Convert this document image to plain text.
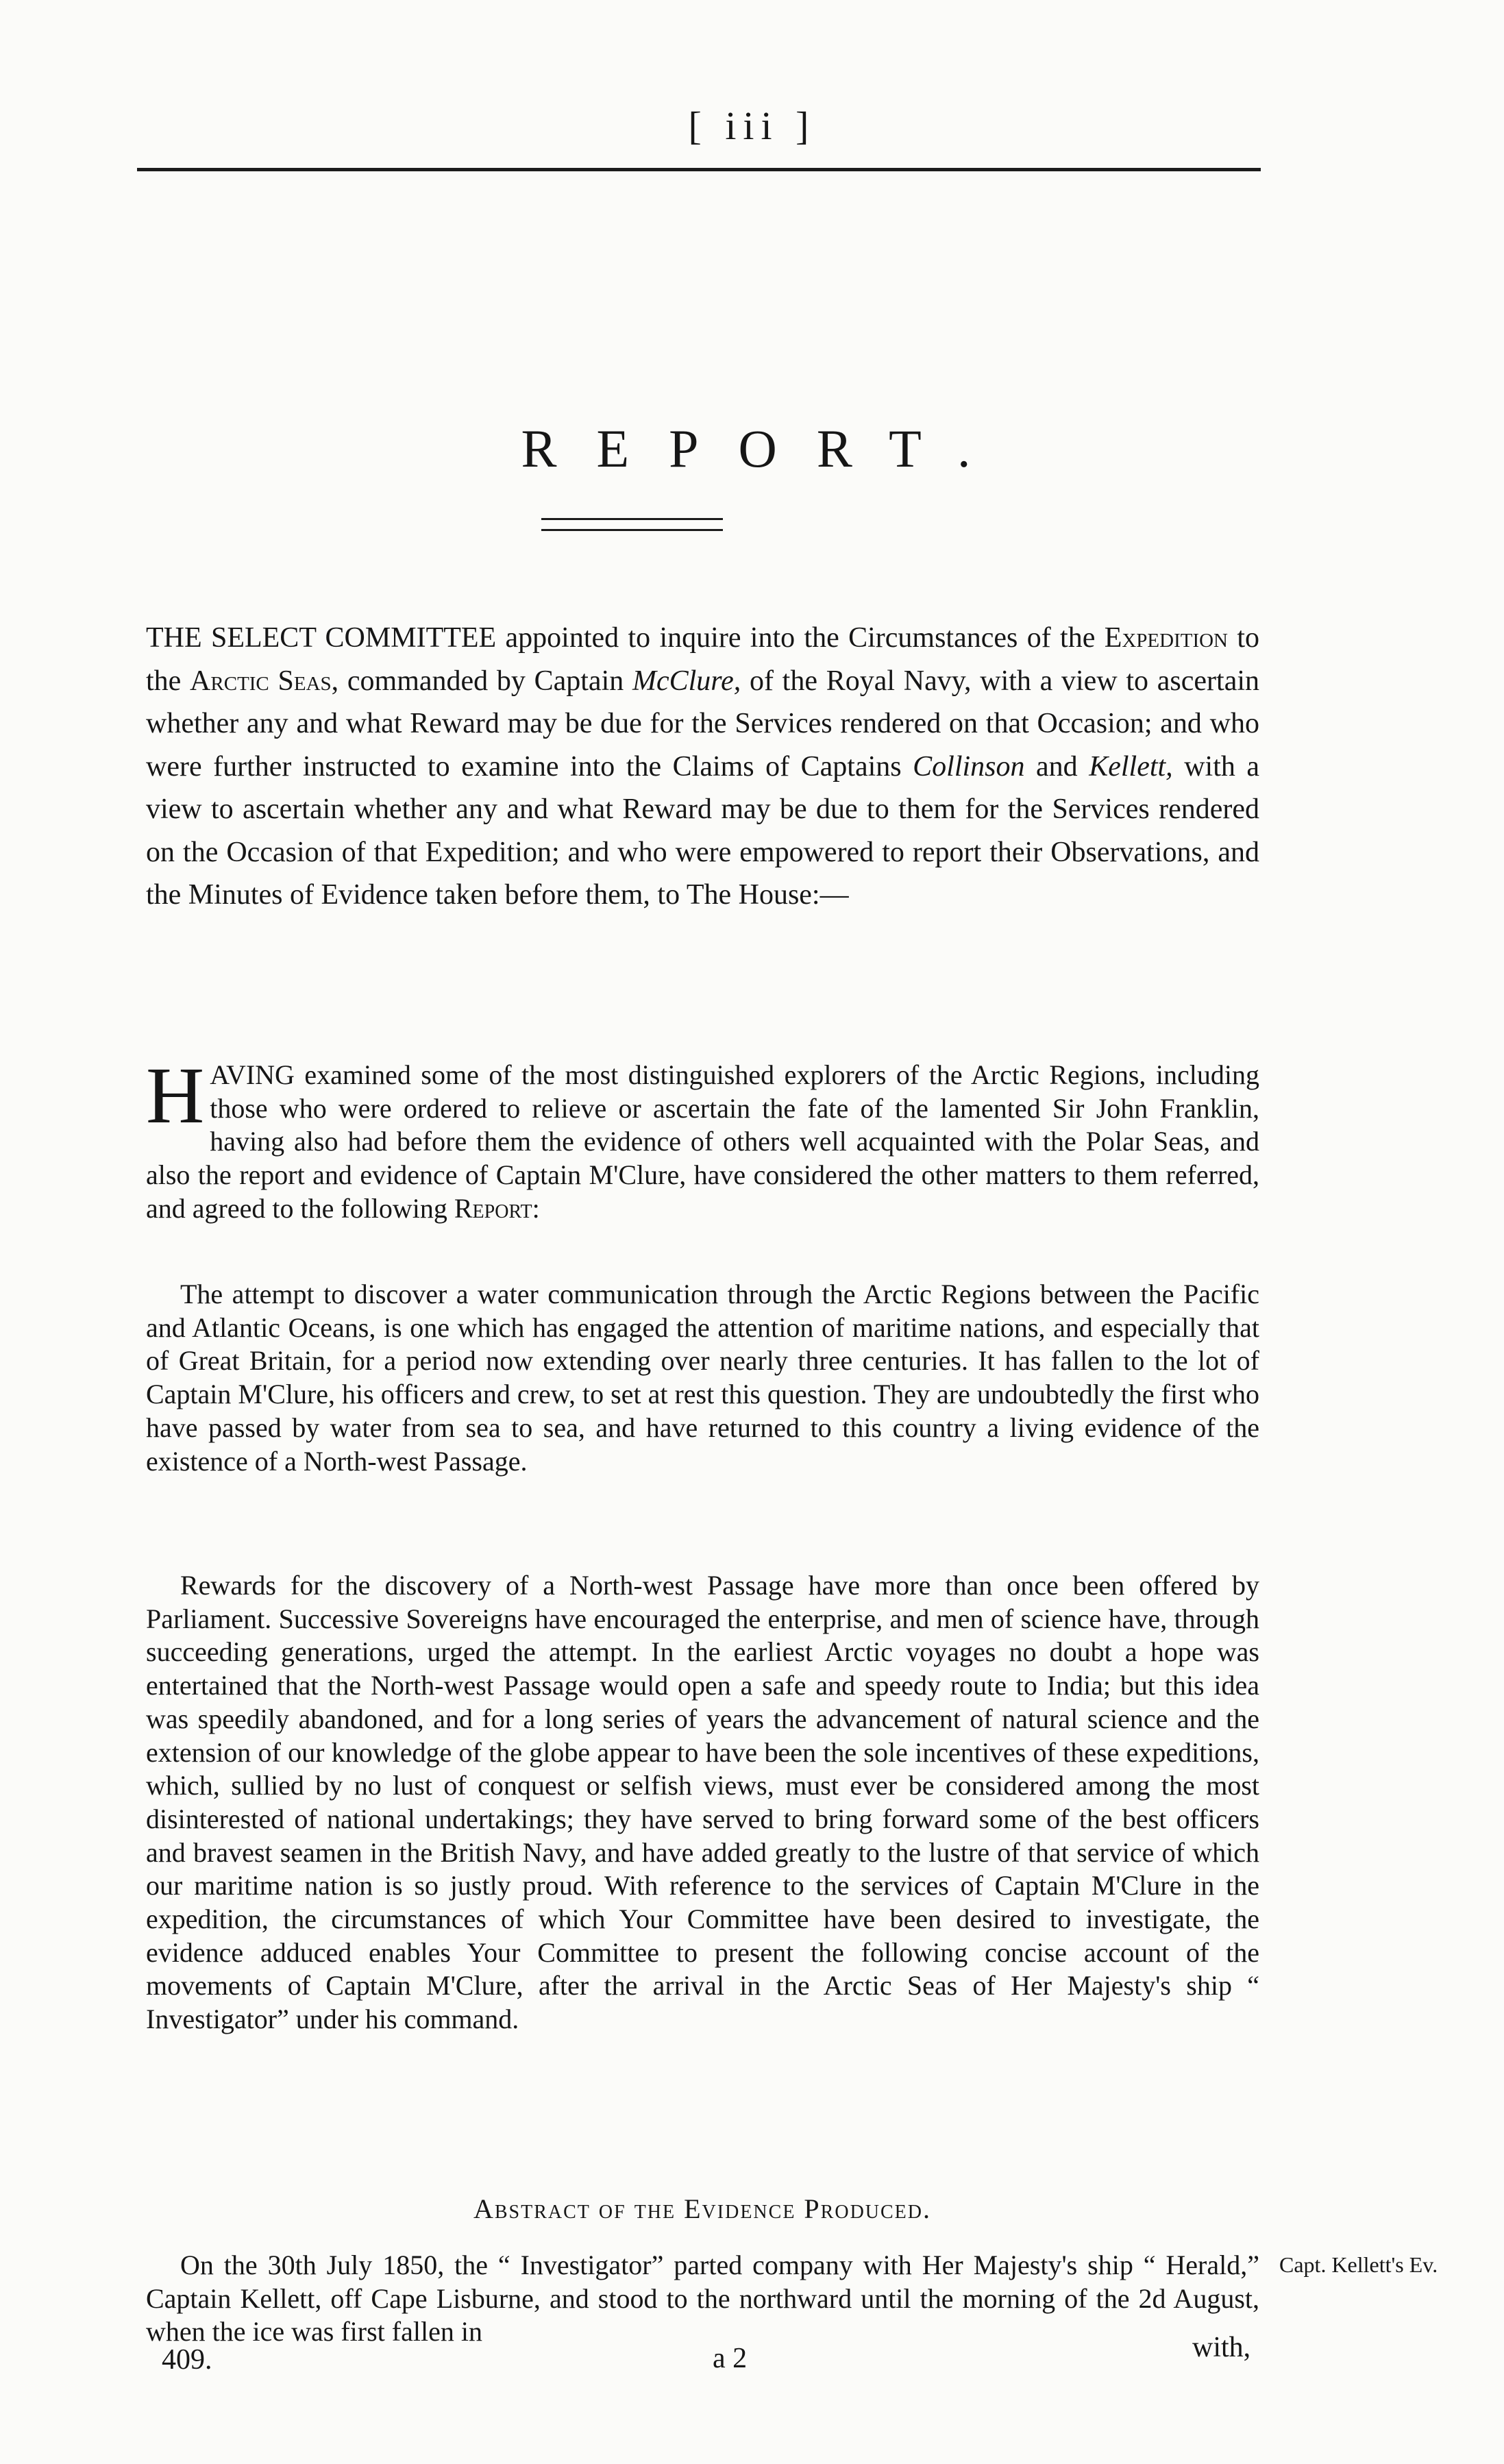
[ iii ]
REPORT.
THE SELECT COMMITTEE appointed to inquire into the Circumstances of the Expedition to the Arctic Seas, commanded by Captain McClure, of the Royal Navy, with a view to ascertain whether any and what Reward may be due for the Services rendered on that Occasion; and who were further instructed to examine into the Claims of Captains Collinson and Kellett, with a view to ascertain whether any and what Reward may be due to them for the Services rendered on the Occasion of that Expedition; and who were empowered to report their Observations, and the Minutes of Evidence taken before them, to The House:—

HAVING examined some of the most distinguished explorers of the Arctic Regions, including those who were ordered to relieve or ascertain the fate of the lamented Sir John Franklin, having also had before them the evidence of others well acquainted with the Polar Seas, and also the report and evidence of Captain M'Clure, have considered the other matters to them referred, and agreed to the following Report:

The attempt to discover a water communication through the Arctic Regions between the Pacific and Atlantic Oceans, is one which has engaged the attention of maritime nations, and especially that of Great Britain, for a period now extending over nearly three centuries. It has fallen to the lot of Captain M'Clure, his officers and crew, to set at rest this question. They are undoubtedly the first who have passed by water from sea to sea, and have returned to this country a living evidence of the existence of a North-west Passage.

Rewards for the discovery of a North-west Passage have more than once been offered by Parliament. Successive Sovereigns have encouraged the enterprise, and men of science have, through succeeding generations, urged the attempt. In the earliest Arctic voyages no doubt a hope was entertained that the North-west Passage would open a safe and speedy route to India; but this idea was speedily abandoned, and for a long series of years the advancement of natural science and the extension of our knowledge of the globe appear to have been the sole incentives of these expeditions, which, sullied by no lust of conquest or selfish views, must ever be considered among the most disinterested of national undertakings; they have served to bring forward some of the best officers and bravest seamen in the British Navy, and have added greatly to the lustre of that service of which our maritime nation is so justly proud. With reference to the services of Captain M'Clure in the expedition, the circumstances of which Your Committee have been desired to investigate, the evidence adduced enables Your Committee to present the following concise account of the movements of Captain M'Clure, after the arrival in the Arctic Seas of Her Majesty's ship “ Investigator” under his command.

Abstract of the Evidence Produced.

On the 30th July 1850, the “ Investigator” parted company with Her Majesty's ship “ Herald,” Captain Kellett, off Cape Lisburne, and stood to the northward until the morning of the 2d August, when the ice was first fallen in

Capt. Kellett's Ev.
409.	a 2	with,
